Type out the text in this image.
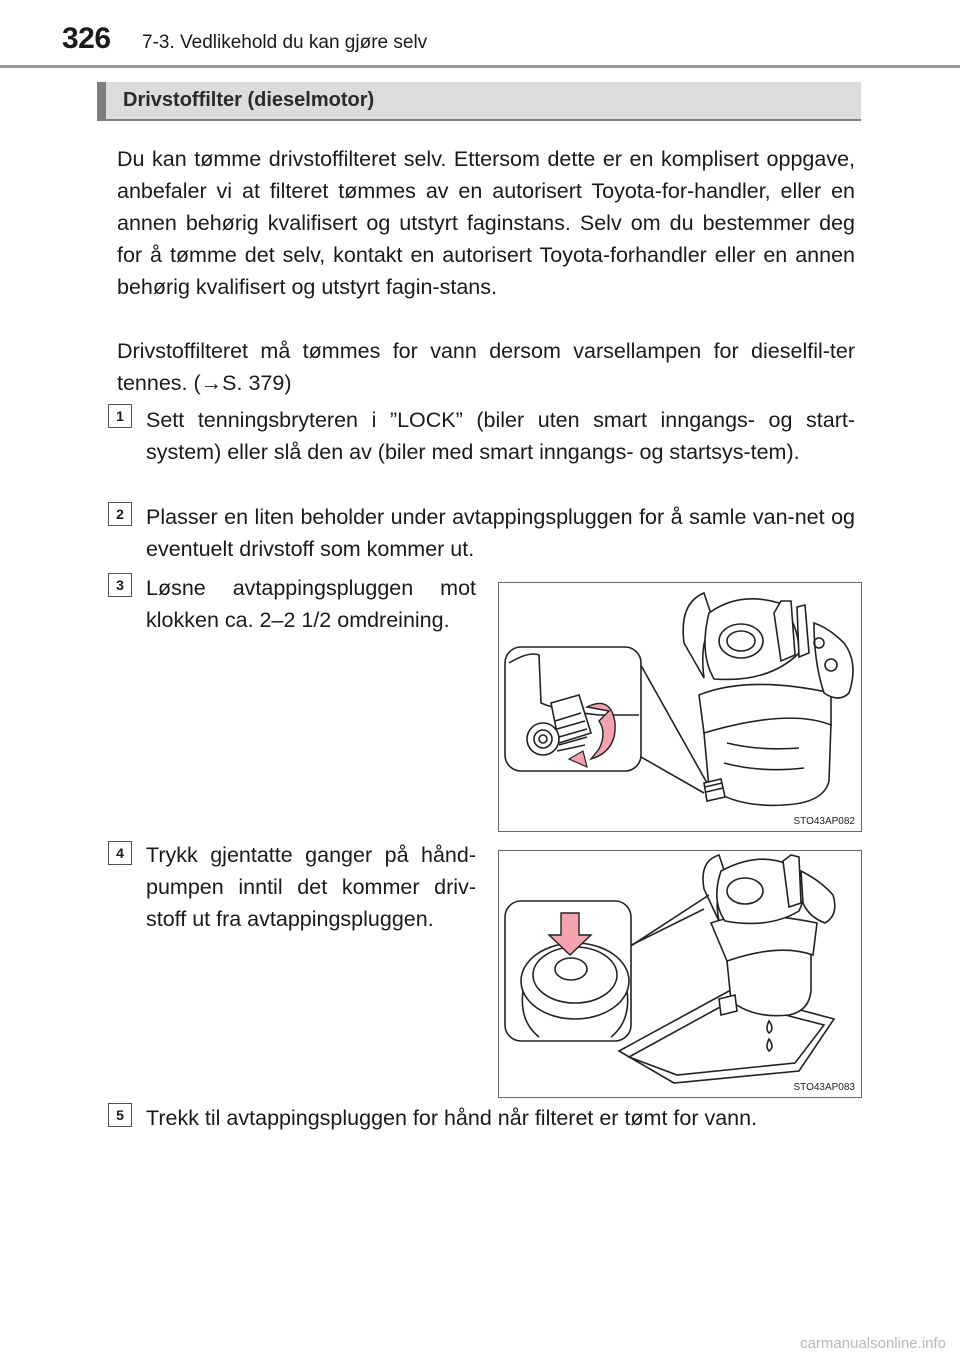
326 7-3. Vedlikehold du kan gjøre selv
Drivstoffilter (dieselmotor)

Du kan tømme drivstoffilteret selv. Ettersom dette er en komplisert oppgave, anbefaler vi at filteret tømmes av en autorisert Toyota-for-handler, eller en annen behørig kvalifisert og utstyrt faginstans. Selv om du bestemmer deg for å tømme det selv, kontakt en autorisert Toyota-forhandler eller en annen behørig kvalifisert og utstyrt fagin-stans.

Drivstoffilteret må tømmes for vann dersom varsellampen for dieselfil-ter tennes. (→S. 379)

1	Sett tenningsbryteren i ”LOCK” (biler uten smart inngangs- og start-system) eller slå den av (biler med smart inngangs- og startsys-tem).

2	Plasser en liten beholder under avtappingspluggen for å samle van-net og eventuelt drivstoff som kommer ut.

3	Løsne avtappingspluggen mot klokken ca. 2–2 1/2 omdreining.

4	Trykk gjentatte ganger på hånd-pumpen inntil det kommer driv-stoff ut fra avtappingspluggen.

5	Trekk til avtappingspluggen for hånd når filteret er tømt for vann.

STO43AP082
STO43AP083
carmanualsonline.info
